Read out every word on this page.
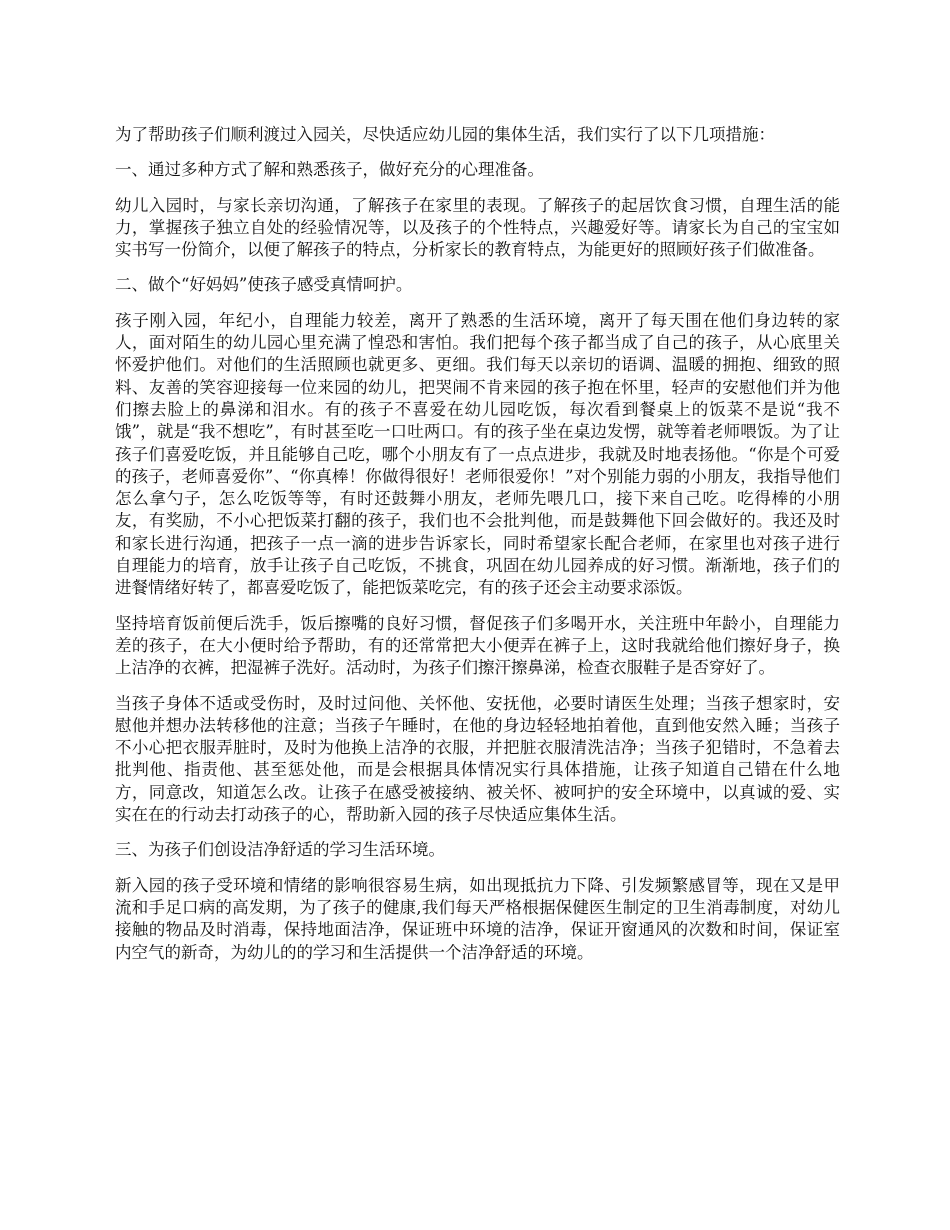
为了帮助孩子们顺利渡过入园关，尽快适应幼儿园的集体生活，我们实行了以下几项措施：

一、通过多种方式了解和熟悉孩子，做好充分的心理准备。

幼儿入园时，与家长亲切沟通，了解孩子在家里的表现。了解孩子的起居饮食习惯，自理生活的能力，掌握孩子独立自处的经验情况等，以及孩子的个性特点，兴趣爱好等。请家长为自己的宝宝如实书写一份简介，以便了解孩子的特点，分析家长的教育特点，为能更好的照顾好孩子们做准备。

二、做个“好妈妈”使孩子感受真情呵护。

孩子刚入园，年纪小，自理能力较差，离开了熟悉的生活环境，离开了每天围在他们身边转的家人，面对陌生的幼儿园心里充满了惶恐和害怕。我们把每个孩子都当成了自己的孩子，从心底里关怀爱护他们。对他们的生活照顾也就更多、更细。我们每天以亲切的语调、温暖的拥抱、细致的照料、友善的笑容迎接每一位来园的幼儿，把哭闹不肯来园的孩子抱在怀里，轻声的安慰他们并为他们擦去脸上的鼻涕和泪水。有的孩子不喜爱在幼儿园吃饭，每次看到餐桌上的饭菜不是说“我不饿”，就是“我不想吃”，有时甚至吃一口吐两口。有的孩子坐在桌边发愣，就等着老师喂饭。为了让孩子们喜爱吃饭，并且能够自己吃，哪个小朋友有了一点点进步，我就及时地表扬他。“你是个可爱的孩子，老师喜爱你”、“你真棒！你做得很好！老师很爱你！”对个别能力弱的小朋友，我指导他们怎么拿勺子，怎么吃饭等等，有时还鼓舞小朋友，老师先喂几口，接下来自己吃。吃得棒的小朋友，有奖励，不小心把饭菜打翻的孩子，我们也不会批判他，而是鼓舞他下回会做好的。我还及时和家长进行沟通，把孩子一点一滴的进步告诉家长，同时希望家长配合老师，在家里也对孩子进行自理能力的培育，放手让孩子自己吃饭，不挑食，巩固在幼儿园养成的好习惯。渐渐地，孩子们的进餐情绪好转了，都喜爱吃饭了，能把饭菜吃完，有的孩子还会主动要求添饭。

坚持培育饭前便后洗手，饭后擦嘴的良好习惯，督促孩子们多喝开水，关注班中年龄小，自理能力差的孩子，在大小便时给予帮助，有的还常常把大小便弄在裤子上，这时我就给他们擦好身子，换上洁净的衣裤，把湿裤子洗好。活动时，为孩子们擦汗擦鼻涕，检查衣服鞋子是否穿好了。

当孩子身体不适或受伤时，及时过问他、关怀他、安抚他，必要时请医生处理；当孩子想家时，安慰他并想办法转移他的注意；当孩子午睡时，在他的身边轻轻地拍着他，直到他安然入睡；当孩子不小心把衣服弄脏时，及时为他换上洁净的衣服，并把脏衣服清洗洁净；当孩子犯错时，不急着去批判他、指责他、甚至惩处他，而是会根据具体情况实行具体措施，让孩子知道自己错在什么地方，同意改，知道怎么改。让孩子在感受被接纳、被关怀、被呵护的安全环境中，以真诚的爱、实实在在的行动去打动孩子的心，帮助新入园的孩子尽快适应集体生活。

三、为孩子们创设洁净舒适的学习生活环境。

新入园的孩子受环境和情绪的影响很容易生病，如出现抵抗力下降、引发频繁感冒等，现在又是甲流和手足口病的高发期，为了孩子的健康,我们每天严格根据保健医生制定的卫生消毒制度，对幼儿接触的物品及时消毒，保持地面洁净，保证班中环境的洁净，保证开窗通风的次数和时间，保证室内空气的新奇，为幼儿的的学习和生活提供一个洁净舒适的环境。
